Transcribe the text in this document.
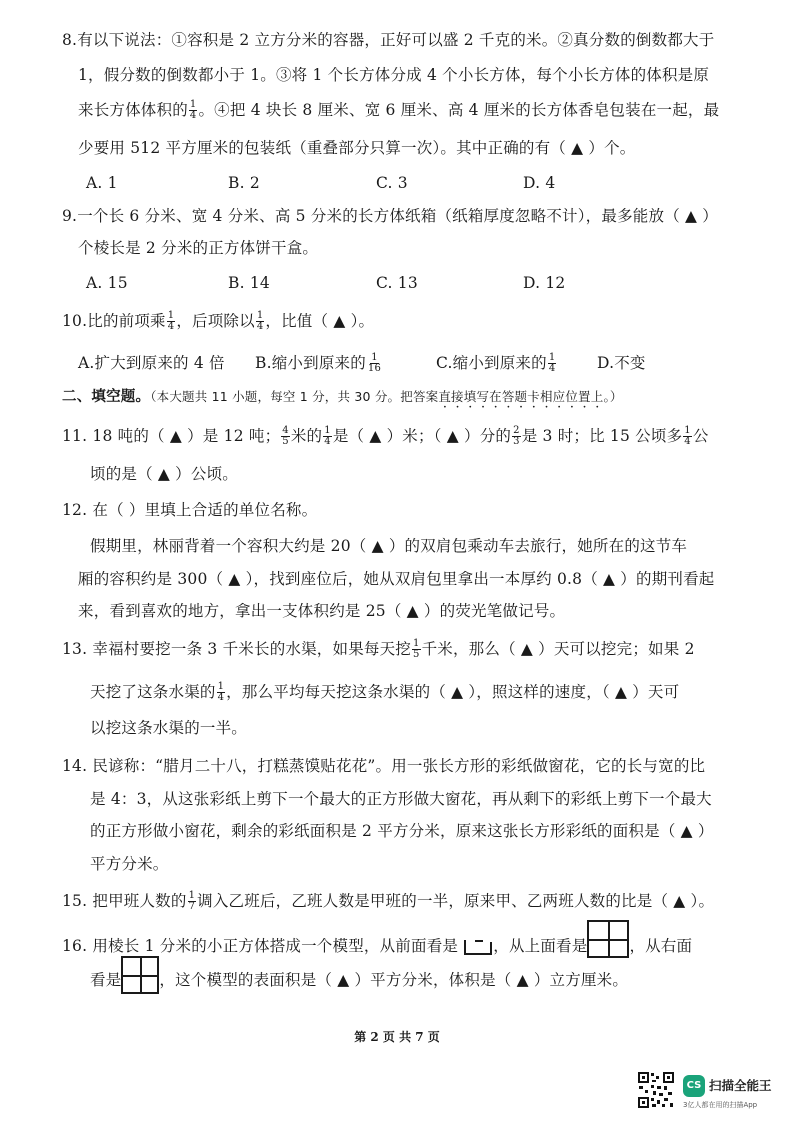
8.有以下说法：①容积是 2 立方分米的容器，正好可以盛 2 千克的米。②真分数的倒数都大于
1，假分数的倒数都小于 1。③将 1 个长方体分成 4 个小长方体，每个小长方体的体积是原
来长方体体积的 $\frac{1}{4}$ 。④把 4 块长 8 厘米、宽 6 厘米、高 4 厘米的长方体香皂包装在一起，最
少要用 512 平方厘米的包装纸（重叠部分只算一次）。其中正确的有（ ▲ ）个。
A. 1	B. 2	C. 3	D. 4
9.一个长 6 分米、宽 4 分米、高 5 分米的长方体纸箱（纸箱厚度忽略不计），最多能放（ ▲ ）
个棱长是 2 分米的正方体饼干盒。
A. 15	B. 14	C. 13	D. 12
10.比的前项乘 $\frac{1}{4}$ ，后项除以 $\frac{1}{4}$ ，比值（ ▲ ）。
A.扩大到原来的 4 倍 B.缩小到原来的 $\frac{1}{16}$	C.缩小到原来的 $\frac{1}{4}$	D.不变
二、填空题。（本大题共 11 小题，每空 1 分，共 30 分。把答案直接填写在答题卡相应位置上。）
11. 18 吨的（ ▲ ）是 12 吨； $\frac{4}{5}$ 米的 $\frac{1}{4}$ 是（ ▲ ）米；（ ▲ ）分的 $\frac{2}{3}$ 是 3 时；比 15 公顷多 $\frac{1}{4}$ 公
顷的是（ ▲ ）公顷。
12. 在（ ）里填上合适的单位名称。
假期里，林丽背着一个容积大约是 20（ ▲ ）的双肩包乘动车去旅行，她所在的这节车
厢的容积约是 300（ ▲ ），找到座位后，她从双肩包里拿出一本厚约 0.8（ ▲ ）的期刊看起
来，看到喜欢的地方，拿出一支体积约是 25（ ▲ ）的荧光笔做记号。
13. 幸福村要挖一条 3 千米长的水渠，如果每天挖 $\frac{1}{5}$ 千米，那么（ ▲ ）天可以挖完；如果 2
天挖了这条水渠的 $\frac{1}{4}$ ，那么平均每天挖这条水渠的（ ▲ ），照这样的速度，（ ▲ ）天可
以挖这条水渠的一半。
14. 民谚称：“腊月二十八，打糕蒸馍贴花花”。用一张长方形的彩纸做窗花，它的长与宽的比
是 4：3，从这张彩纸上剪下一个最大的正方形做大窗花，再从剩下的彩纸上剪下一个最大
的正方形做小窗花，剩余的彩纸面积是 2 平方分米，原来这张长方形彩纸的面积是（ ▲ ）
平方分米。
15. 把甲班人数的 $\frac{1}{7}$ 调入乙班后，乙班人数是甲班的一半，原来甲、乙两班人数的比是（ ▲ ）。
16. 用棱长 1 分米的小正方体搭成一个模型，从前面看是 ，从上面看是	，从右面
看是 ，这个模型的表面积是（ ▲ ）平方分米，体积是（ ▲ ）立方厘米。
第 2 页 共 7 页
CS 扫描全能王
3亿人都在用的扫描App
